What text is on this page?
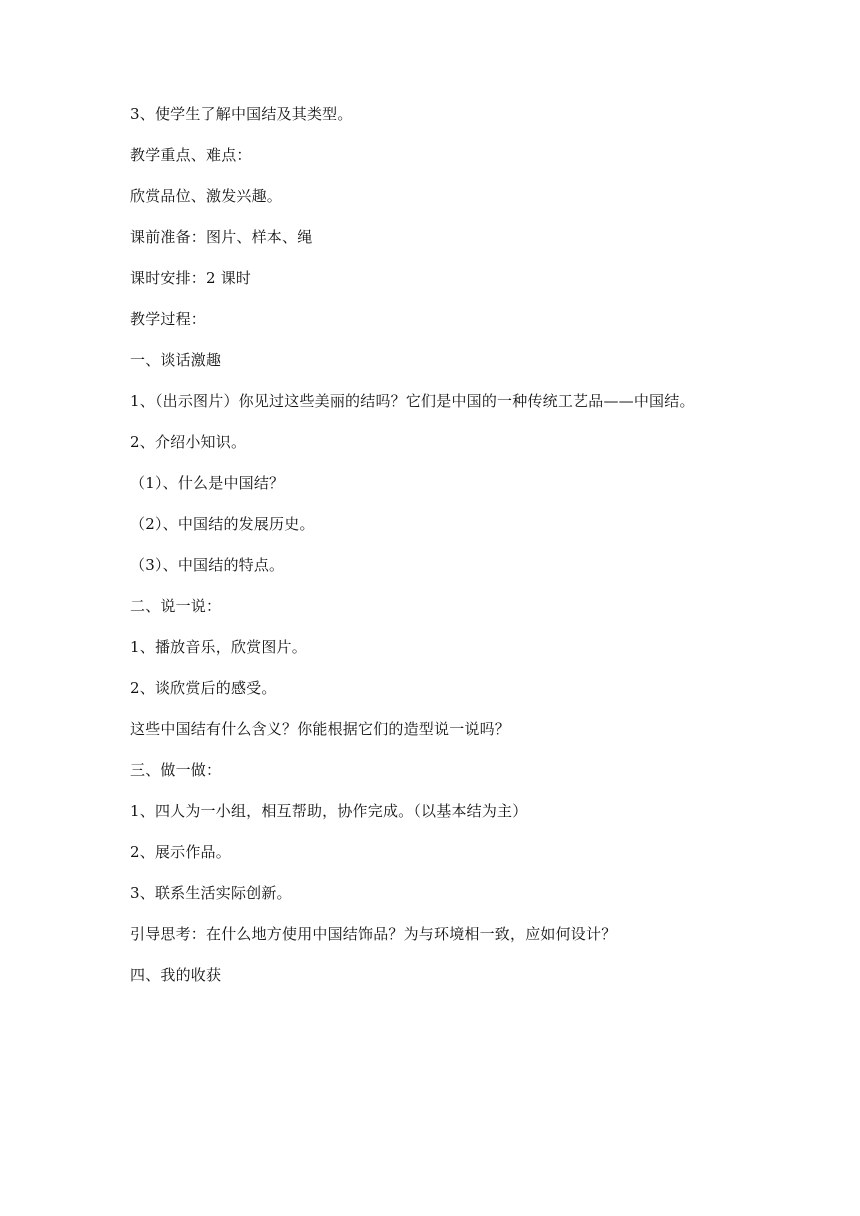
3、使学生了解中国结及其类型。

教学重点、难点：

欣赏品位、激发兴趣。

课前准备：图片、样本、绳

课时安排：2 课时

教学过程：

一、谈话激趣

1、（出示图片）你见过这些美丽的结吗？它们是中国的一种传统工艺品——中国结。

2、介绍小知识。

（1）、什么是中国结？

（2）、中国结的发展历史。

（3）、中国结的特点。

二、说一说：

1、播放音乐，欣赏图片。

2、谈欣赏后的感受。

这些中国结有什么含义？你能根据它们的造型说一说吗？

三、做一做：

1、四人为一小组，相互帮助，协作完成。（以基本结为主）

2、展示作品。

3、联系生活实际创新。

引导思考：在什么地方使用中国结饰品？为与环境相一致，应如何设计？

四、我的收获
